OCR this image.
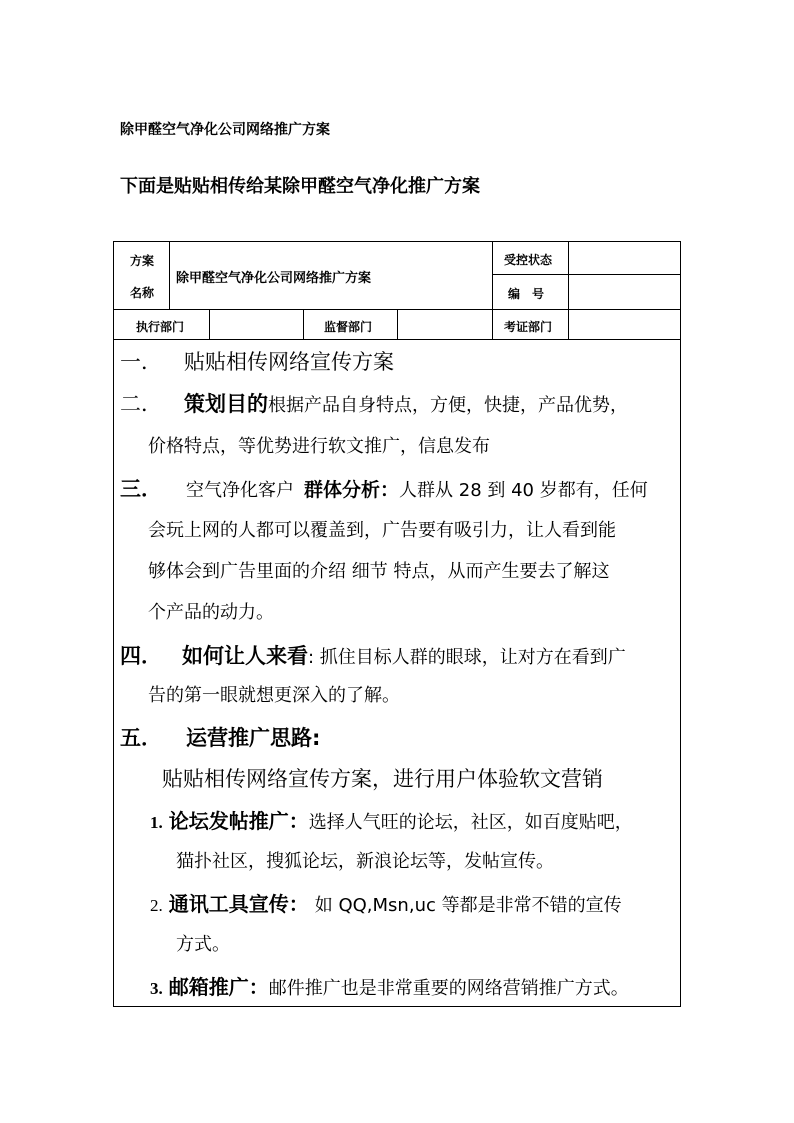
除甲醛空气净化公司网络推广方案
下面是贴贴相传给某除甲醛空气净化推广方案
方案
名称
除甲醛空气净化公司网络推广方案
受控状态
编　号
执行部门	监督部门	考证部门
一． 贴贴相传网络宣传方案
二． 策划目的根据产品自身特点，方便，快捷，产品优势，
价格特点，等优势进行软文推广，信息发布
三． 空气净化客户 群体分析：人群从 28 到 40 岁都有，任何
会玩上网的人都可以覆盖到，广告要有吸引力，让人看到能
够体会到广告里面的介绍 细节 特点，从而产生要去了解这
个产品的动力。
四． 如何让人来看: 抓住目标人群的眼球，让对方在看到广
告的第一眼就想更深入的了解。
五． 运营推广思路:
贴贴相传网络宣传方案，进行用户体验软文营销
1. 论坛发帖推广：选择人气旺的论坛，社区，如百度贴吧，
猫扑社区，搜狐论坛，新浪论坛等，发帖宣传。
2. 通讯工具宣传： 如 QQ,Msn,uc 等都是非常不错的宣传
方式。
3. 邮箱推广：邮件推广也是非常重要的网络营销推广方式。
